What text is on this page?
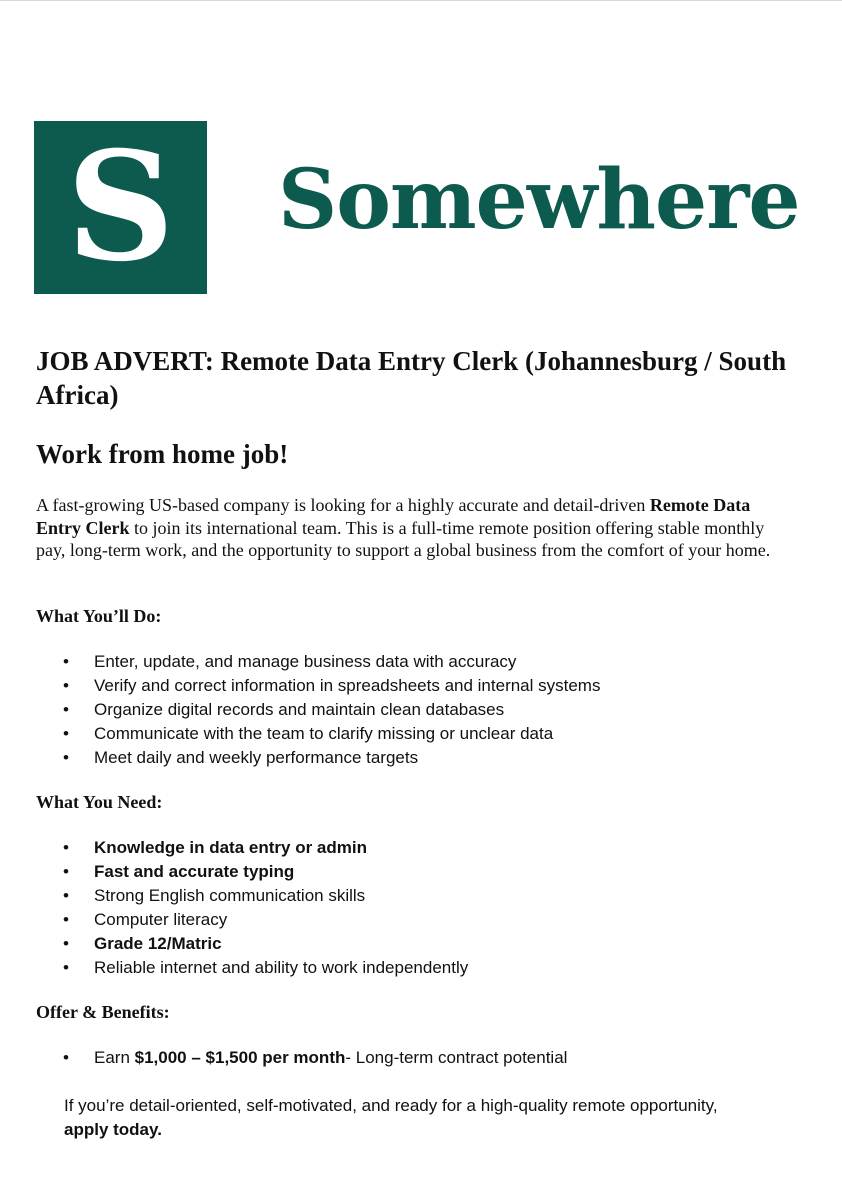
S	Somewhere
JOB ADVERT: Remote Data Entry Clerk (Johannesburg / South Africa)
Work from home job!
A fast-growing US-based company is looking for a highly accurate and detail-driven Remote Data Entry Clerk to join its international team. This is a full-time remote position offering stable monthly pay, long-term work, and the opportunity to support a global business from the comfort of your home.
What You’ll Do:
• Enter, update, and manage business data with accuracy
• Verify and correct information in spreadsheets and internal systems
• Organize digital records and maintain clean databases
• Communicate with the team to clarify missing or unclear data
• Meet daily and weekly performance targets
What You Need:
• Knowledge in data entry or admin
• Fast and accurate typing
• Strong English communication skills
• Computer literacy
• Grade 12/Matric
• Reliable internet and ability to work independently
Offer & Benefits:
• Earn $1,000 – $1,500 per month- Long-term contract potential
If you’re detail-oriented, self-motivated, and ready for a high-quality remote opportunity, apply today.
